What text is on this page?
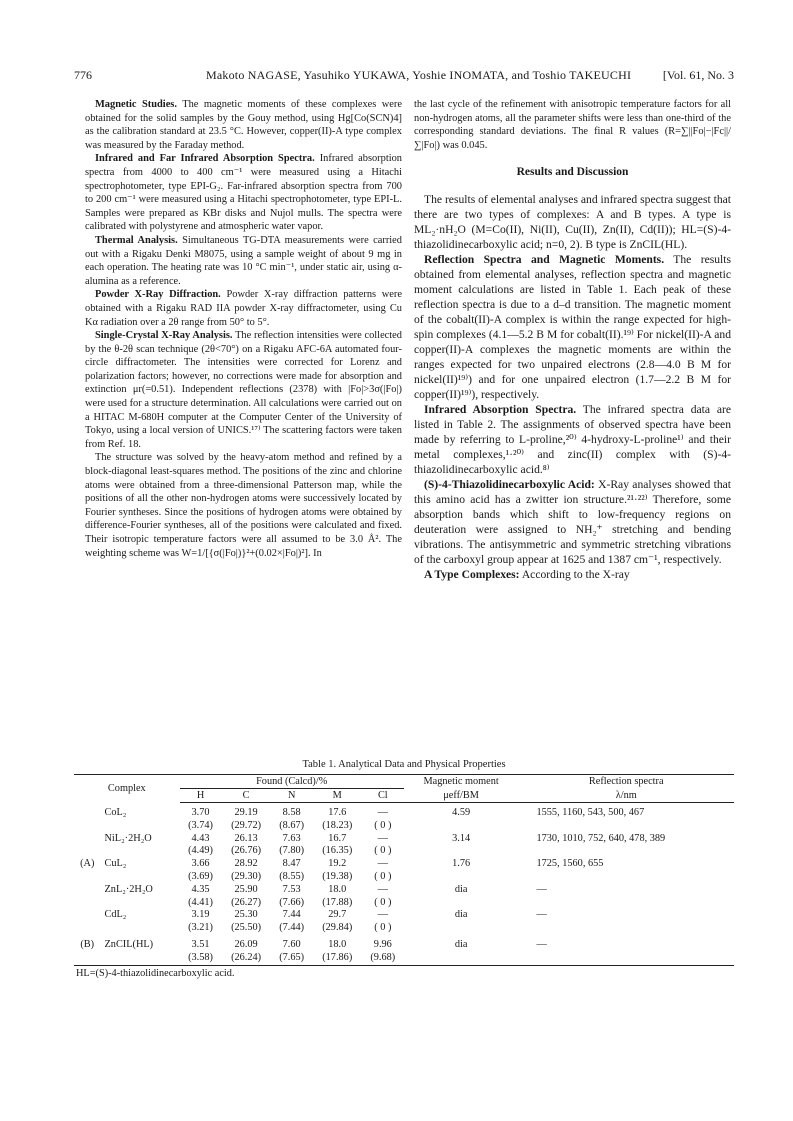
776	Makoto NAGASE, Yasuhiko YUKAWA, Yoshie INOMATA, and Toshio TAKEUCHI	[Vol. 61, No. 3

Magnetic Studies. The magnetic moments of these complexes were obtained for the solid samples by the Gouy method, using Hg[Co(SCN)4] as the calibration standard at 23.5 °C. However, copper(II)-A type complex was measured by the Faraday method.

Infrared and Far Infrared Absorption Spectra. Infrared absorption spectra from 4000 to 400 cm⁻¹ were measured using a Hitachi spectrophotometer, type EPI-G₂. Far-infrared absorption spectra from 700 to 200 cm⁻¹ were measured using a Hitachi spectrophotometer, type EPI-L. Samples were prepared as KBr disks and Nujol mulls. The spectra were calibrated with polystyrene and atmospheric water vapor.

Thermal Analysis. Simultaneous TG-DTA measurements were carried out with a Rigaku Denki M8075, using a sample weight of about 9 mg in each operation. The heating rate was 10 °C min⁻¹, under static air, using α-alumina as a reference.

Powder X-Ray Diffraction. Powder X-ray diffraction patterns were obtained with a Rigaku RAD IIA powder X-ray diffractometer, using Cu Kα radiation over a 2θ range from 50° to 5°.

Single-Crystal X-Ray Analysis. The reflection intensities were collected by the θ-2θ scan technique (2θ<70°) on a Rigaku AFC-6A automated four-circle diffractometer. The intensities were corrected for Lorenz and polarization factors; however, no corrections were made for absorption and extinction μr(=0.51). Independent reflections (2378) with |Fo|>3σ(|Fo|) were used for a structure determination. All calculations were carried out on a HITAC M-680H computer at the Computer Center of the University of Tokyo, using a local version of UNICS.¹⁷⁾ The scattering factors were taken from Ref. 18.

The structure was solved by the heavy-atom method and refined by a block-diagonal least-squares method. The positions of the zinc and chlorine atoms were obtained from a three-dimensional Patterson map, while the positions of all the other non-hydrogen atoms were successively located by Fourier syntheses. Since the positions of hydrogen atoms were obtained by difference-Fourier syntheses, all of the positions were calculated and fixed. Their isotropic temperature factors were all assumed to be 3.0 Å². The weighting scheme was W=1/[{σ(|Fo|)}²+(0.02×|Fo|)²]. In

the last cycle of the refinement with anisotropic temperature factors for all non-hydrogen atoms, all the parameter shifts were less than one-third of the corresponding standard deviations. The final R values (R=∑||Fo|−|Fc||/∑|Fo|) was 0.045.

Results and Discussion

The results of elemental analyses and infrared spectra suggest that there are two types of complexes: A and B types. A type is ML₂·nH₂O (M=Co(II), Ni(II), Cu(II), Zn(II), Cd(II)); HL=(S)-4-thiazolidinecarboxylic acid; n=0, 2). B type is ZnCIL(HL).

Reflection Spectra and Magnetic Moments. The results obtained from elemental analyses, reflection spectra and magnetic moment calculations are listed in Table 1. Each peak of these reflection spectra is due to a d–d transition. The magnetic moment of the cobalt(II)-A complex is within the range expected for high-spin complexes (4.1—5.2 B M for cobalt(II).¹⁹⁾ For nickel(II)-A and copper(II)-A complexes the magnetic moments are within the ranges expected for two unpaired electrons (2.8—4.0 B M for nickel(II)¹⁹⁾) and for one unpaired electron (1.7—2.2 B M for copper(II)¹⁹⁾), respectively.

Infrared Absorption Spectra. The infrared spectra data are listed in Table 2. The assignments of observed spectra have been made by referring to L-proline,²⁰⁾ 4-hydroxy-L-proline¹⁾ and their metal complexes,¹·²⁰⁾ and zinc(II) complex with (S)-4-thiazolidinecarboxylic acid.⁸⁾

(S)-4-Thiazolidinecarboxylic Acid: X-Ray analyses showed that this amino acid has a zwitter ion structure.²¹·²²⁾ Therefore, some absorption bands which shift to low-frequency regions on deuteration were assigned to NH₂⁺ stretching and bending vibrations. The antisymmetric and symmetric stretching vibrations of the carboxyl group appear at 1625 and 1387 cm⁻¹, respectively.

A Type Complexes: According to the X-ray

Table 1. Analytical Data and Physical Properties
Complex		Found (Calcd)/%					Magnetic moment	Reflection spectra
		H	C	N	M	Cl	μeff/BM	λ/nm
	CoL₂	3.70	29.19	8.58	17.6	—	4.59	1555, 1160, 543, 500, 467
		(3.74)	(29.72)	(8.67)	(18.23)	( 0 )		
	NiL₂·2H₂O	4.43	26.13	7.63	16.7	—	3.14	1730, 1010, 752, 640, 478, 389
		(4.49)	(26.76)	(7.80)	(16.35)	( 0 )		
(A)	CuL₂	3.66	28.92	8.47	19.2	—	1.76	1725, 1560, 655
		(3.69)	(29.30)	(8.55)	(19.38)	( 0 )		
	ZnL₂·2H₂O	4.35	25.90	7.53	18.0	—	dia	—
		(4.41)	(26.27)	(7.66)	(17.88)	( 0 )		
	CdL₂	3.19	25.30	7.44	29.7	—	dia	—
		(3.21)	(25.50)	(7.44)	(29.84)	( 0 )		
(B)	ZnCIL(HL)	3.51	26.09	7.60	18.0	9.96	dia	—
		(3.58)	(26.24)	(7.65)	(17.86)	(9.68)		
HL=(S)-4-thiazolidinecarboxylic acid.
